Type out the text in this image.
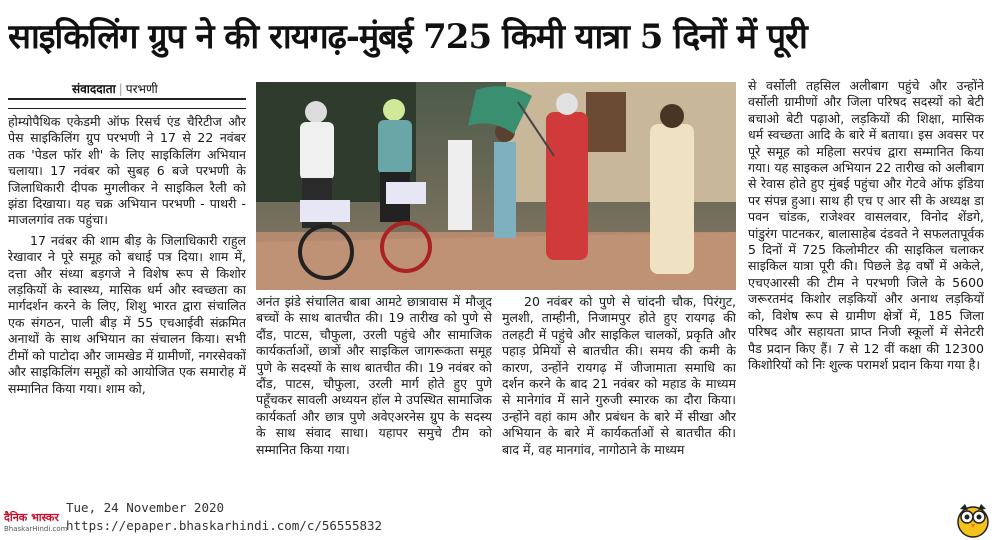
साइकिलिंग ग्रुप ने की रायगढ़-मुंबई 725 किमी यात्रा 5 दिनों में पूरी
संवाददाता | परभणी

होम्योपैथिक एकेडमी ऑफ रिसर्च एंड चैरिटीज और पेस साइकिलिंग ग्रुप परभणी ने 17 से 22 नवंबर तक 'पेडल फॉर शी' के लिए साइकिलिंग अभियान चलाया। 17 नवंबर को सुबह 6 बजे परभणी के जिलाधिकारी दीपक मुगलीकर ने साइकिल रैली को झंडा दिखाया। यह चक्र अभियान परभणी - पाथरी - माजलगांव तक पहुंचा।

17 नवंबर की शाम बीड़ के जिलाधिकारी राहुल रेखावार ने पूरे समूह को बधाई पत्र दिया। शाम में, दत्ता और संध्या बड़गजे ने विशेष रूप से किशोर लड़कियों के स्वास्थ्य, मासिक धर्म और स्वच्छता का मार्गदर्शन करने के लिए, शिशु भारत द्वारा संचालित एक संगठन, पाली बीड़ में 55 एचआईवी संक्रमित अनाथों के साथ अभियान का संचालन किया। सभी टीमों को पाटोदा और जामखेड में ग्रामीणों, नगरसेवकों और साइकिलिंग समूहों को आयोजित एक समारोह में सम्मानित किया गया। शाम को,

अनंत झंडे संचालित बाबा आमटे छात्रावास में मौजूद बच्चों के साथ बातचीत की। 19 तारीख को पुणे से दौंड, पाटस, चौफुला, उरली पहुंचे और सामाजिक कार्यकर्ताओं, छात्रों और साइकिल जागरूकता समूह पुणे के सदस्यों के साथ बातचीत की। 19 नवंबर को दौंड, पाटस, चौफुला, उरली मार्ग होते हुए पुणे पहूँचकर सावली अध्ययन हॉल मे उपस्थित सामाजिक कार्यकर्ता और छात्र पुणे अवेएअरनेस ग्रुप के सदस्य के साथ संवाद साधा। यहापर समुचे टीम को सम्मानित किया गया।

20 नवंबर को पुणे से चांदनी चौक, पिरंगुट, मुलशी, ताम्हीनी, निजामपुर होते हुए रायगढ़ की तलहटी में पहुंचे और साइकिल चालकों, प्रकृति और पहाड़ प्रेमियों से बातचीत की। समय की कमी के कारण, उन्होंने रायगढ़ में जीजामाता समाधि का दर्शन करने के बाद 21 नवंबर को महाड के माध्यम से मानेगांव में साने गुरुजी स्मारक का दौरा किया। उन्होंने वहां काम और प्रबंधन के बारे में सीखा और अभियान के बारे में कार्यकर्ताओं से बातचीत की। बाद में, वह मानगांव, नागोठाने के माध्यम

से वर्सोली तहसिल अलीबाग पहुंचे और उन्होंने वर्सोली ग्रामीणों और जिला परिषद सदस्यों को बेटी बचाओ बेटी पढ़ाओ, लड़कियों की शिक्षा, मासिक धर्म स्वच्छता आदि के बारे में बताया। इस अवसर पर पूरे समूह को महिला सरपंच द्वारा सम्मानित किया गया। यह साइकल अभियान 22 तारीख को अलीबाग से रेवास होते हुए मुंबई पहुंचा और गेटवे ऑफ इंडिया पर संपन्न हुआ। साथ ही एच ए आर सी के अध्यक्ष डा पवन चांडक, राजेश्वर वासलवार, विनोद शेंडगे, पांडुरंग पाटनकर, बालासाहेब दंडवते ने सफलतापूर्वक 5 दिनों में 725 किलोमीटर की साइकिल चलाकर साइकिल यात्रा पूरी की। पिछले डेढ़ वर्षों में अकेले, एचएआरसी की टीम ने परभणी जिले के 5600 जरूरतमंद किशोर लड़कियों और अनाथ लड़कियों को, विशेष रूप से ग्रामीण क्षेत्रों में, 185 जिला परिषद और सहायता प्राप्त निजी स्कूलों में सेनेटरी पैड प्रदान किए हैं। 7 से 12 वीं कक्षा की 12300 किशोरियों को निः शुल्क परामर्श प्रदान किया गया है।

दैनिक भास्कर
BhaskarHindi.com
Tue, 24 November 2020
https://epaper.bhaskarhindi.com/c/56555832
